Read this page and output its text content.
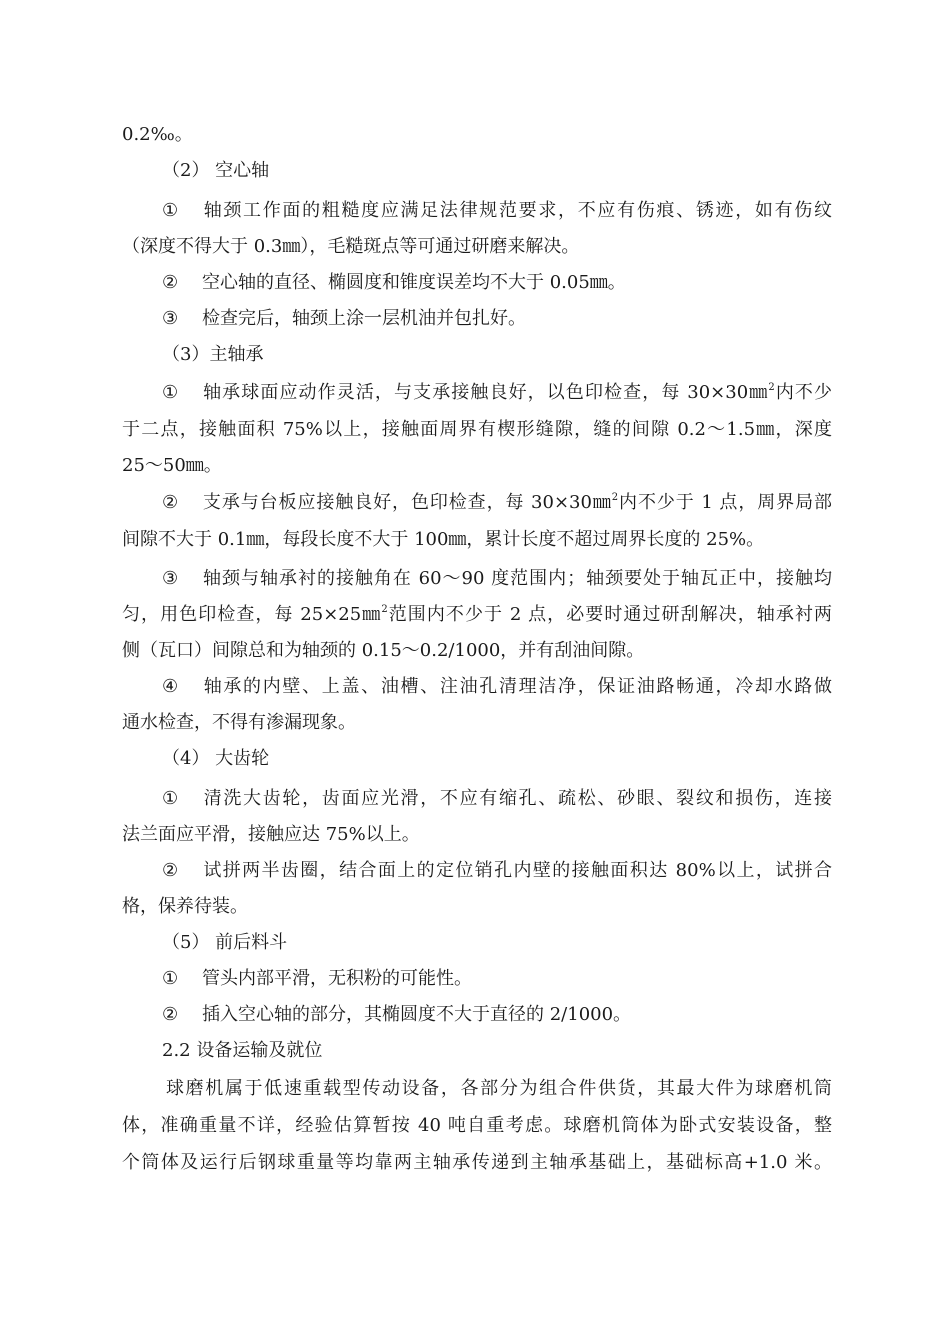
0.2‰。
（2） 空心轴
① 轴颈工作面的粗糙度应满足法律规范要求，不应有伤痕、锈迹，如有伤纹
（深度不得大于 0.3㎜），毛糙斑点等可通过研磨来解决。
② 空心轴的直径、椭圆度和锥度误差均不大于 0.05㎜。
③ 检查完后，轴颈上涂一层机油并包扎好。
（3）主轴承
① 轴承球面应动作灵活，与支承接触良好，以色印检查，每 30×30㎜$^2$内不少
于二点，接触面积 75%以上，接触面周界有楔形缝隙，缝的间隙 0.2～1.5㎜，深度
25～50㎜。
② 支承与台板应接触良好，色印检查，每 30×30㎜$^2$内不少于 1 点，周界局部
间隙不大于 0.1㎜，每段长度不大于 100㎜，累计长度不超过周界长度的 25%。
③ 轴颈与轴承衬的接触角在 60～90 度范围内；轴颈要处于轴瓦正中，接触均
匀，用色印检查，每 25×25㎜$^2$范围内不少于 2 点，必要时通过研刮解决，轴承衬两
侧（瓦口）间隙总和为轴颈的 0.15～0.2/1000，并有刮油间隙。
④ 轴承的内壁、上盖、油槽、注油孔清理洁净，保证油路畅通，冷却水路做
通水检查，不得有渗漏现象。
（4） 大齿轮
① 清洗大齿轮，齿面应光滑，不应有缩孔、疏松、砂眼、裂纹和损伤，连接
法兰面应平滑，接触应达 75%以上。
② 试拼两半齿圈，结合面上的定位销孔内壁的接触面积达 80%以上，试拼合
格，保养待装。
（5） 前后料斗
① 管头内部平滑，无积粉的可能性。
② 插入空心轴的部分，其椭圆度不大于直径的 2/1000。
2.2 设备运输及就位
球磨机属于低速重载型传动设备，各部分为组合件供货，其最大件为球磨机筒
体，准确重量不详，经验估算暂按 40 吨自重考虑。球磨机筒体为卧式安装设备，整
个筒体及运行后钢球重量等均靠两主轴承传递到主轴承基础上，基础标高+1.0 米。
